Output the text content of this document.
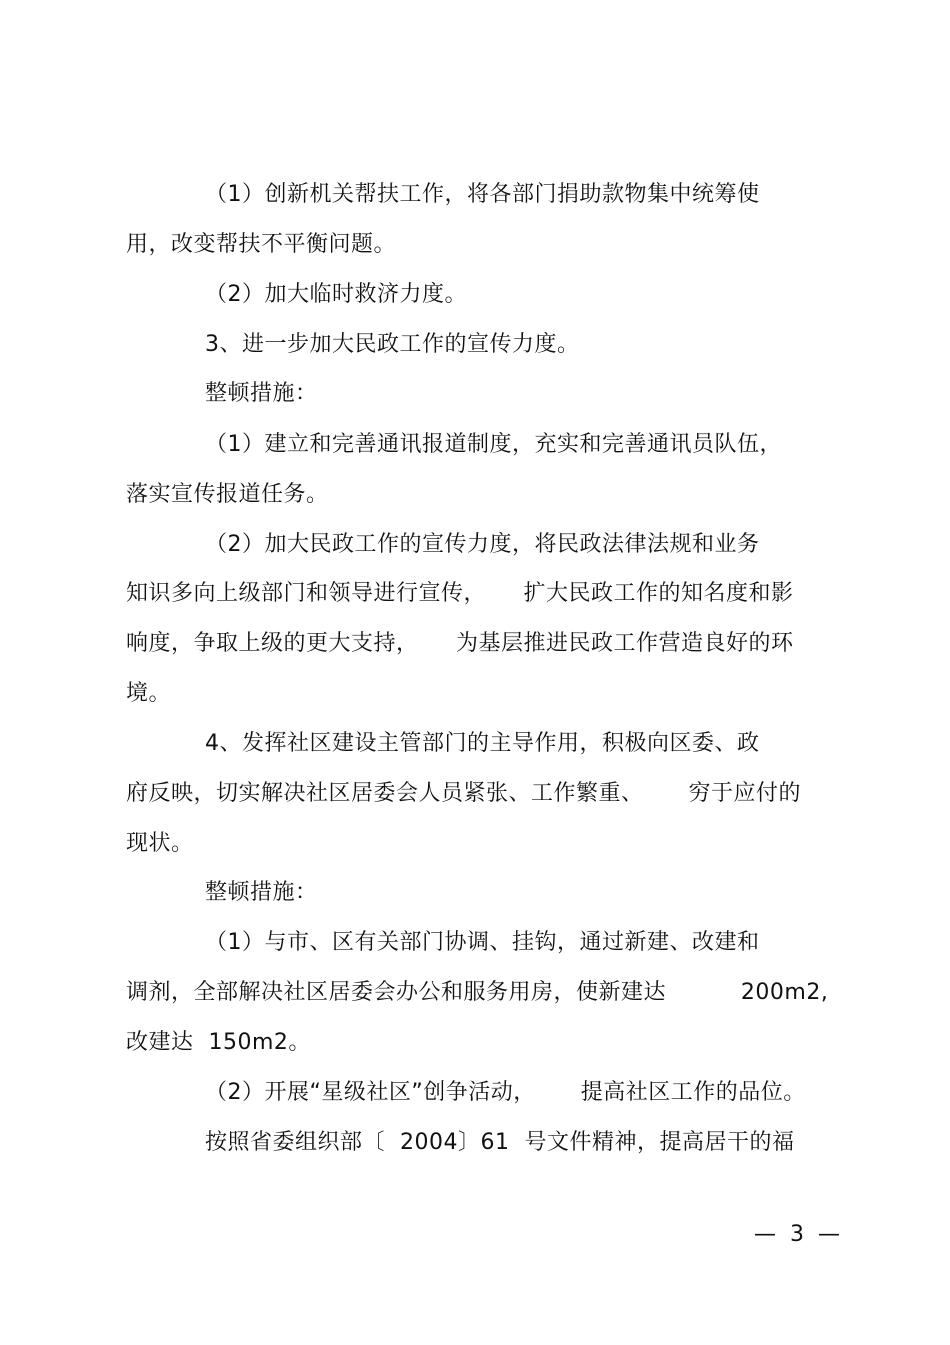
（1）创新机关帮扶工作，将各部门捐助款物集中统筹使
用，改变帮扶不平衡问题。
（2）加大临时救济力度。
3、进一步加大民政工作的宣传力度。
整顿措施：
（1）建立和完善通讯报道制度，充实和完善通讯员队伍，
落实宣传报道任务。
（2）加大民政工作的宣传力度，将民政法律法规和业务
知识多向上级部门和领导进行宣传，     扩大民政工作的知名度和影
响度，争取上级的更大支持，     为基层推进民政工作营造良好的环
境。
4、发挥社区建设主管部门的主导作用，积极向区委、政
府反映，切实解决社区居委会人员紧张、工作繁重、      穷于应付的
现状。
整顿措施：
（1）与市、区有关部门协调、挂钩，通过新建、改建和
调剂，全部解决社区居委会办公和服务用房，使新建达          200m2,
改建达  150m2。
（2）开展“星级社区”创争活动，      提高社区工作的品位。
按照省委组织部〔  2004〕61  号文件精神，提高居干的福
—  3  —
